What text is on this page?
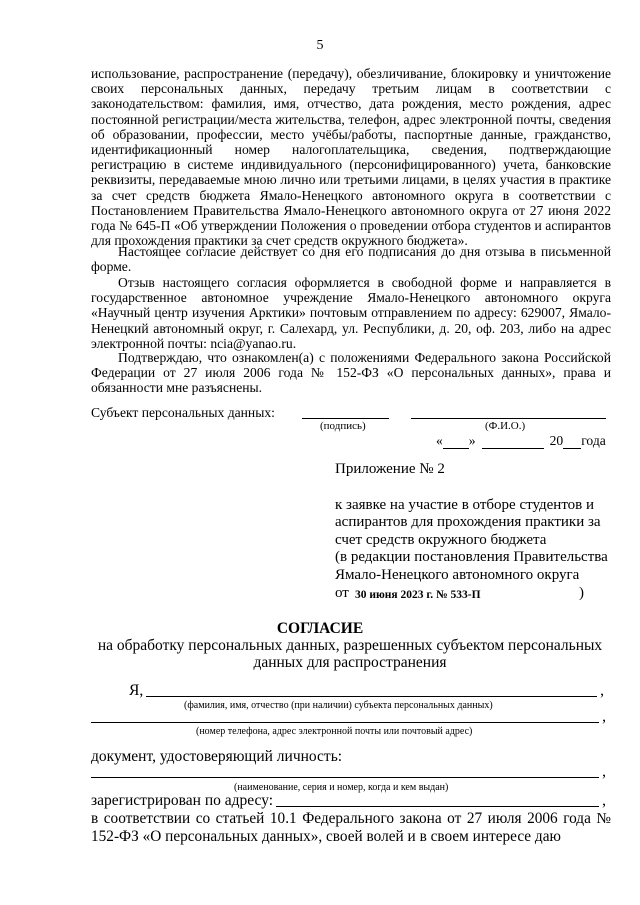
5
использование, распространение (передачу), обезличивание, блокировку и уничтожение своих персональных данных, передачу третьим лицам в соответствии с законодательством: фамилия, имя, отчество, дата рождения, место рождения, адрес постоянной регистрации/места жительства, телефон, адрес электронной почты, сведения об образовании, профессии, место учёбы/работы, паспортные данные, гражданство, идентификационный номер налогоплательщика, сведения, подтверждающие регистрацию в системе индивидуального (персонифицированного) учета, банковские реквизиты, передаваемые мною лично или третьими лицами, в целях участия в практике за счет средств бюджета Ямало-Ненецкого автономного округа в соответствии с Постановлением Правительства Ямало-Ненецкого автономного округа от 27 июня 2022 года № 645-П «Об утверждении Положения о проведении отбора студентов и аспирантов для прохождения практики за счет средств окружного бюджета».
Настоящее согласие действует со дня его подписания до дня отзыва в письменной форме.
Отзыв настоящего согласия оформляется в свободной форме и направляется в государственное автономное учреждение Ямало-Ненецкого автономного округа «Научный центр изучения Арктики» почтовым отправлением по адресу: 629007, Ямало-Ненецкий автономный округ, г. Салехард, ул. Республики, д. 20, оф. 203, либо на адрес электронной почты: ncia@yanao.ru.
Подтверждаю, что ознакомлен(а) с положениями Федерального закона Российской Федерации от 27 июля 2006 года № 152-ФЗ «О персональных данных», права и обязанности мне разъяснены.
Субъект персональных данных:
(подпись)	(Ф.И.О.)
« »	20 года
Приложение № 2
к заявке на участие в отборе студентов и
аспирантов для прохождения практики за
счет средств окружного бюджета
(в редакции постановления Правительства
Ямало-Ненецкого автономного округа
от 30 июня 2023 г. № 533-П	)
СОГЛАСИЕ
на обработку персональных данных, разрешенных субъектом персональных
данных для распространения
Я,	,
(фамилия, имя, отчество (при наличии) субъекта персональных данных)
,
(номер телефона, адрес электронной почты или почтовый адрес)
документ, удостоверяющий личность:
,
(наименование, серия и номер, когда и кем выдан)
зарегистрирован по адресу:	,
в соответствии со статьей 10.1 Федерального закона от 27 июля 2006 года № 152-ФЗ «О персональных данных», своей волей и в своем интересе даю
